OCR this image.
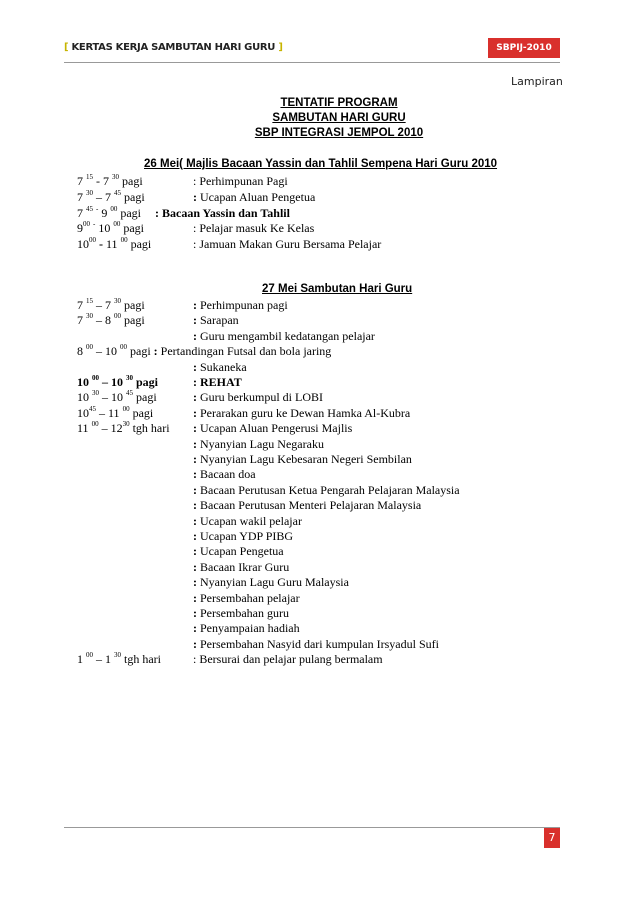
[ KERTAS KERJA SAMBUTAN HARI GURU ]	SBPIJ-2010
Lampiran
TENTATIF PROGRAM
SAMBUTAN HARI GURU
SBP INTEGRASI JEMPOL 2010
26 Mei( Majlis Bacaan Yassin dan Tahlil Sempena Hari Guru 2010
7 $^{15}$ - 7 $^{30}$ pagi	: Perhimpunan Pagi
7 $^{30}$ – 7 $^{45}$ pagi	: Ucapan Aluan Pengetua
7 $^{45}$ - 9 $^{00}$ pagi : Bacaan Yassin dan Tahlil
$9^{00}$ - 10 $^{00}$ pagi	: Pelajar masuk Ke Kelas
$10^{00} - 11$ $^{00}$ pagi	: Jamuan Makan Guru Bersama Pelajar
27 Mei Sambutan Hari Guru
7 $^{15}$ – 7 $^{30}$ pagi	: Perhimpunan pagi
7 $^{30}$ – 8 $^{00}$ pagi	: Sarapan
: Guru mengambil kedatangan pelajar
8 $^{00}$ – 10 $^{00}$ pagi : Pertandingan Futsal dan bola jaring
: Sukaneka
10 $^{00}$ – 10 $^{30}$ pagi	: REHAT
10 $^{30}$ – 10 $^{45}$ pagi	: Guru berkumpul di LOBI
$10^{45} - 11$ $^{00}$ pagi	: Perarakan guru ke Dewan Hamka Al-Kubra
11 $^{00} - 12^{30}$ tgh hari : Ucapan Aluan Pengerusi Majlis
: Nyanyian Lagu Negaraku
: Nyanyian Lagu Kebesaran Negeri Sembilan
: Bacaan doa
: Bacaan Perutusan Ketua Pengarah Pelajaran Malaysia
: Bacaan Perutusan Menteri Pelajaran Malaysia
: Ucapan wakil pelajar
: Ucapan YDP PIBG
: Ucapan Pengetua
: Bacaan Ikrar Guru
: Nyanyian Lagu Guru Malaysia
: Persembahan pelajar
: Persembahan guru
: Penyampaian hadiah
: Persembahan Nasyid dari kumpulan Irsyadul Sufi
1 $^{00}$ – 1 $^{30}$ tgh hari	: Bersurai dan pelajar pulang bermalam
7
